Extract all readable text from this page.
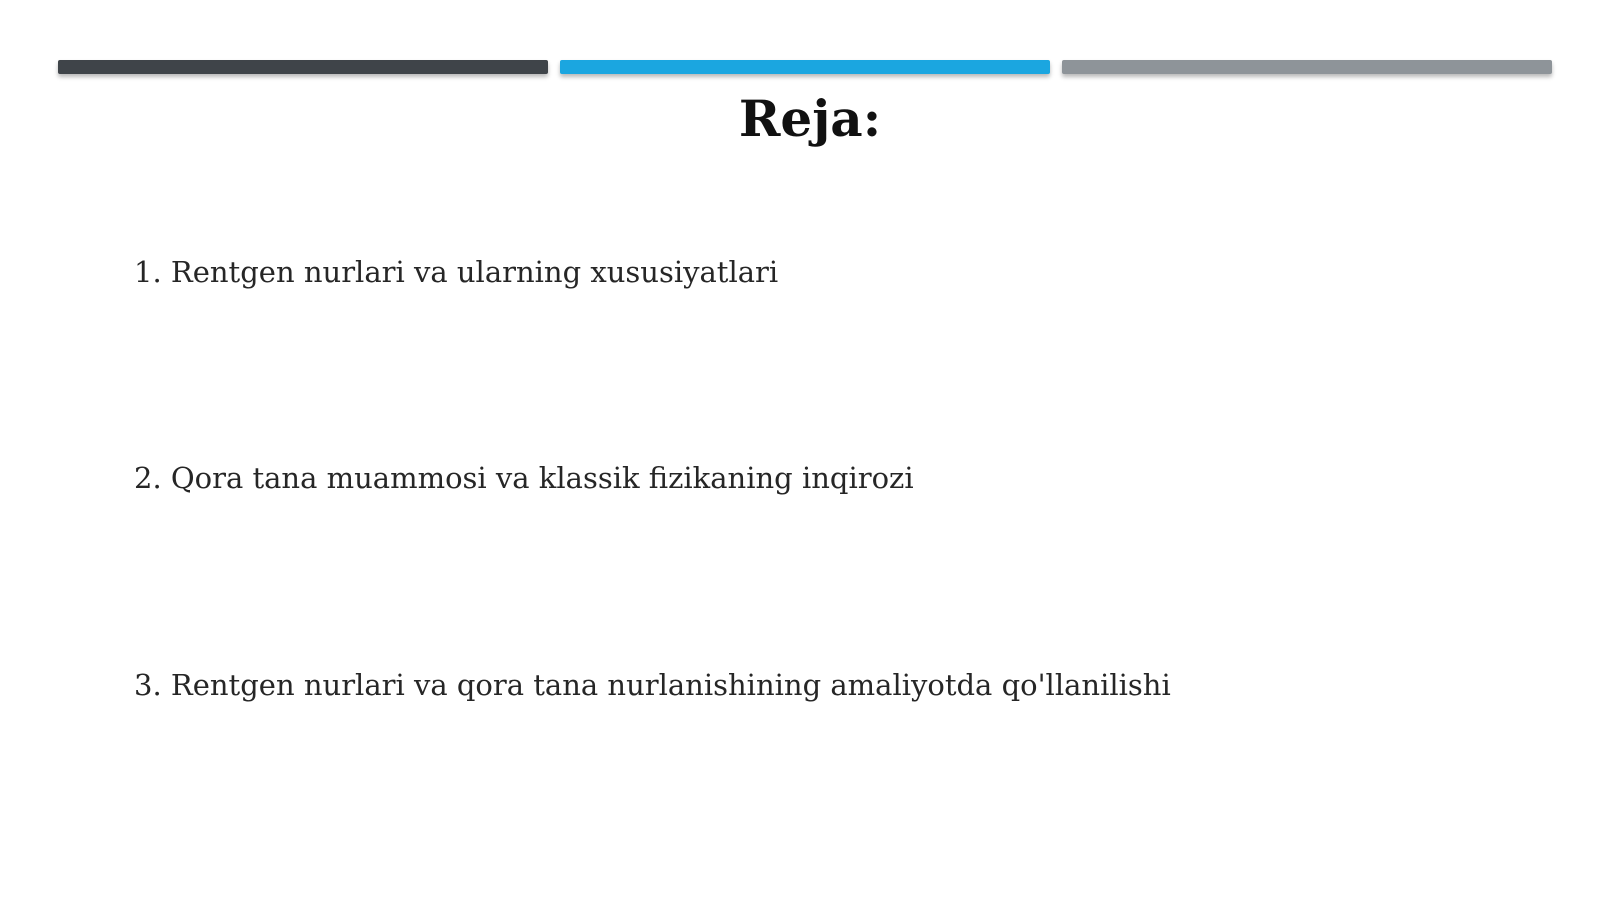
Reja:
1. Rentgen nurlari va ularning xususiyatlari
2. Qora tana muammosi va klassik fizikaning inqirozi
3. Rentgen nurlari va qora tana nurlanishining amaliyotda qo'llanilishi
